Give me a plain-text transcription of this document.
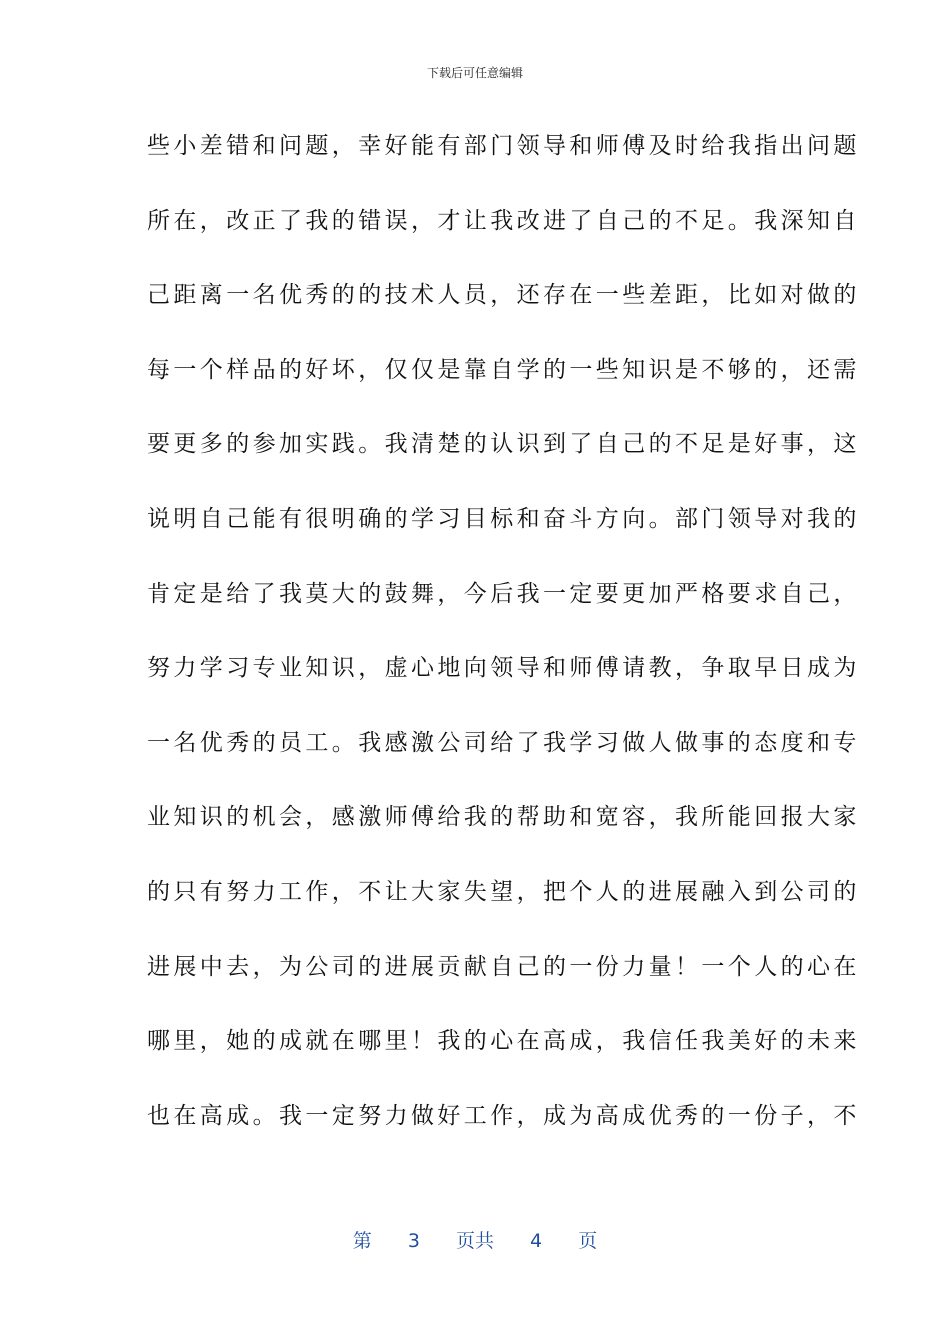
下载后可任意编辑
些小差错和问题，幸好能有部门领导和师傅及时给我指出问题
所在，改正了我的错误，才让我改进了自己的不足。我深知自
己距离一名优秀的的技术人员，还存在一些差距，比如对做的
每一个样品的好坏，仅仅是靠自学的一些知识是不够的，还需
要更多的参加实践。我清楚的认识到了自己的不足是好事，这
说明自己能有很明确的学习目标和奋斗方向。部门领导对我的
肯定是给了我莫大的鼓舞，今后我一定要更加严格要求自己，
努力学习专业知识，虚心地向领导和师傅请教，争取早日成为
一名优秀的员工。我感激公司给了我学习做人做事的态度和专
业知识的机会，感激师傅给我的帮助和宽容，我所能回报大家
的只有努力工作，不让大家失望，把个人的进展融入到公司的
进展中去，为公司的进展贡献自己的一份力量！一个人的心在
哪里，她的成就在哪里！我的心在高成，我信任我美好的未来
也在高成。我一定努力做好工作，成为高成优秀的一份子，不
第 3 页共 4 页
